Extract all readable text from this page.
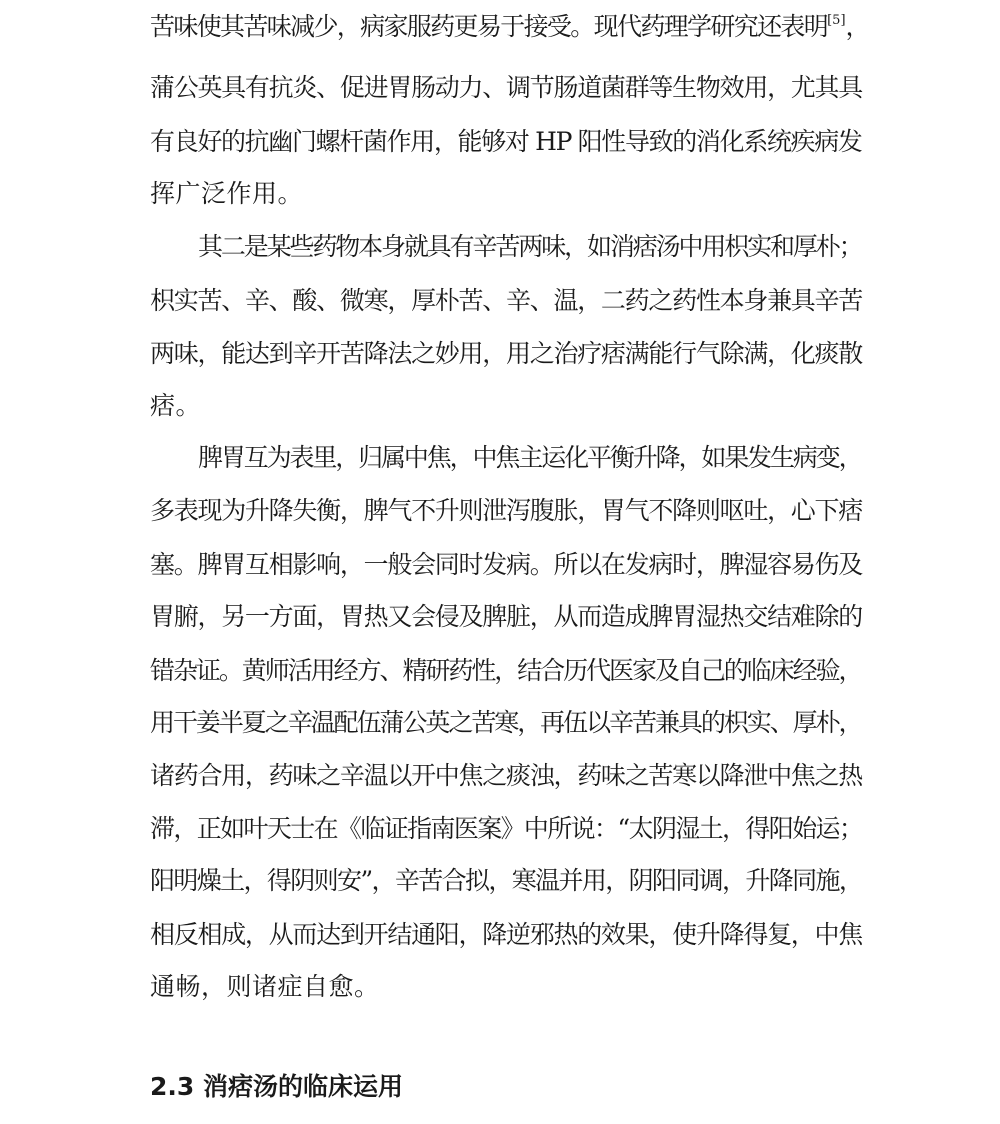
苦味使其苦味减少，病家服药更易于接受。现代药理学研究还表明[5]，
蒲公英具有抗炎、促进胃肠动力、调节肠道菌群等生物效用，尤其具
有良好的抗幽门螺杆菌作用，能够对 HP 阳性导致的消化系统疾病发
挥广泛作用。
其二是某些药物本身就具有辛苦两味，如消痞汤中用枳实和厚朴；
枳实苦、辛、酸、微寒，厚朴苦、辛、温，二药之药性本身兼具辛苦
两味，能达到辛开苦降法之妙用，用之治疗痞满能行气除满，化痰散
痞。
脾胃互为表里，归属中焦，中焦主运化平衡升降，如果发生病变，
多表现为升降失衡，脾气不升则泄泻腹胀，胃气不降则呕吐，心下痞
塞。脾胃互相影响，一般会同时发病。所以在发病时，脾湿容易伤及
胃腑，另一方面，胃热又会侵及脾脏，从而造成脾胃湿热交结难除的
错杂证。黄师活用经方、精研药性，结合历代医家及自己的临床经验，
用干姜半夏之辛温配伍蒲公英之苦寒，再伍以辛苦兼具的枳实、厚朴，
诸药合用，药味之辛温以开中焦之痰浊，药味之苦寒以降泄中焦之热
滞，正如叶天士在《临证指南医案》中所说：“太阴湿土，得阳始运；
阳明燥土，得阴则安”，辛苦合拟，寒温并用，阴阳同调，升降同施，
相反相成，从而达到开结通阳，降逆邪热的效果，使升降得复，中焦
通畅，则诸症自愈。
2.3 消痞汤的临床运用
